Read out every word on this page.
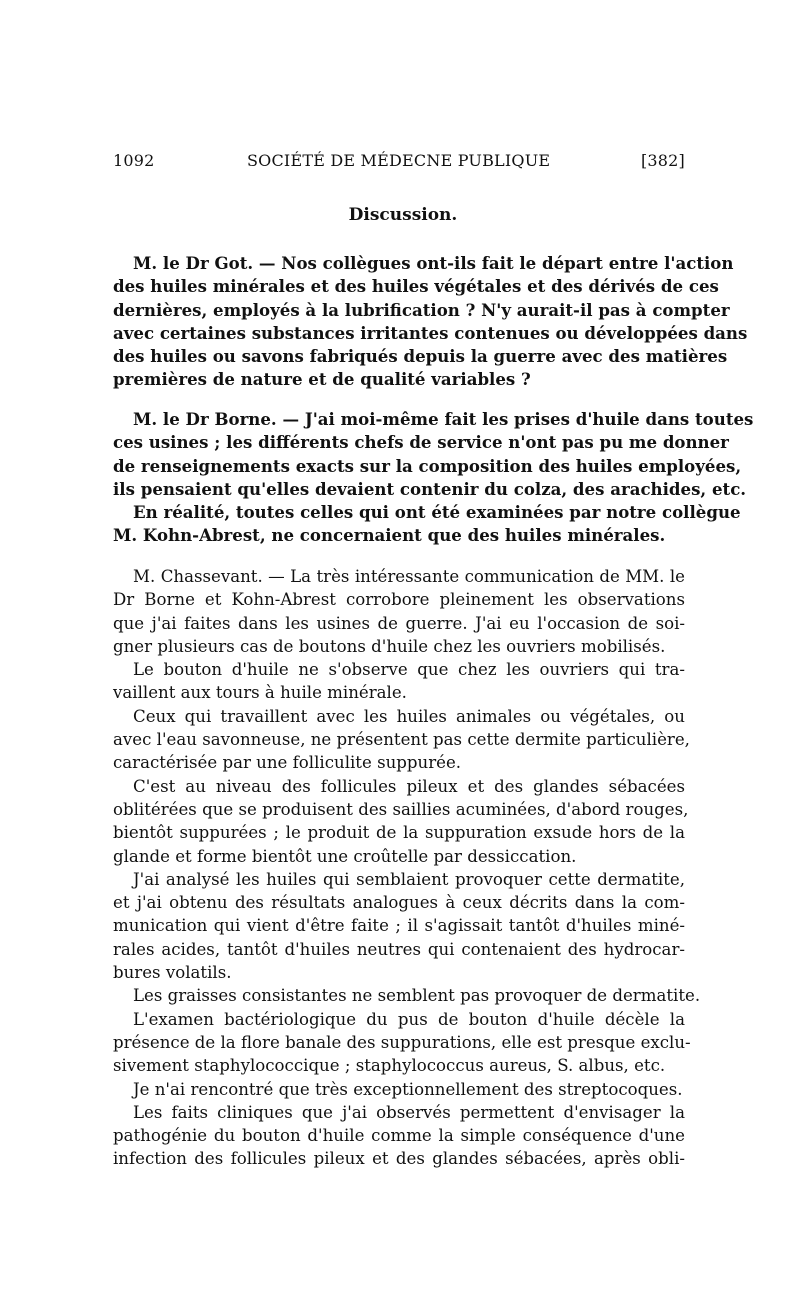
1092	SOCIÉTÉ DE MÉDECNE PUBLIQUE	[382]
Discussion.
M. le Dr Got. — Nos collègues ont-ils fait le départ entre l'action
des huiles minérales et des huiles végétales et des dérivés de ces
dernières, employés à la lubrification ? N'y aurait-il pas à compter
avec certaines substances irritantes contenues ou développées dans
des huiles ou savons fabriqués depuis la guerre avec des matières
premières de nature et de qualité variables ?
M. le Dr Borne. — J'ai moi-même fait les prises d'huile dans toutes
ces usines ; les différents chefs de service n'ont pas pu me donner
de renseignements exacts sur la composition des huiles employées,
ils pensaient qu'elles devaient contenir du colza, des arachides, etc.
En réalité, toutes celles qui ont été examinées par notre collègue
M. Kohn-Abrest, ne concernaient que des huiles minérales.
M. Chassevant. — La très intéressante communication de MM. le
Dr Borne et Kohn-Abrest corrobore pleinement les observations
que j'ai faites dans les usines de guerre. J'ai eu l'occasion de soi-
gner plusieurs cas de boutons d'huile chez les ouvriers mobilisés.
Le bouton d'huile ne s'observe que chez les ouvriers qui tra-
vaillent aux tours à huile minérale.
Ceux qui travaillent avec les huiles animales ou végétales, ou
avec l'eau savonneuse, ne présentent pas cette dermite particulière,
caractérisée par une folliculite suppurée.
C'est au niveau des follicules pileux et des glandes sébacées
oblitérées que se produisent des saillies acuminées, d'abord rouges,
bientôt suppurées ; le produit de la suppuration exsude hors de la
glande et forme bientôt une croûtelle par dessiccation.
J'ai analysé les huiles qui semblaient provoquer cette dermatite,
et j'ai obtenu des résultats analogues à ceux décrits dans la com-
munication qui vient d'être faite ; il s'agissait tantôt d'huiles miné-
rales acides, tantôt d'huiles neutres qui contenaient des hydrocar-
bures volatils.
Les graisses consistantes ne semblent pas provoquer de dermatite.
L'examen bactériologique du pus de bouton d'huile décèle la
présence de la flore banale des suppurations, elle est presque exclu-
sivement staphylococcique ; staphylococcus aureus, S. albus, etc.
Je n'ai rencontré que très exceptionnellement des streptocoques.
Les faits cliniques que j'ai observés permettent d'envisager la
pathogénie du bouton d'huile comme la simple conséquence d'une
infection des follicules pileux et des glandes sébacées, après obli-
